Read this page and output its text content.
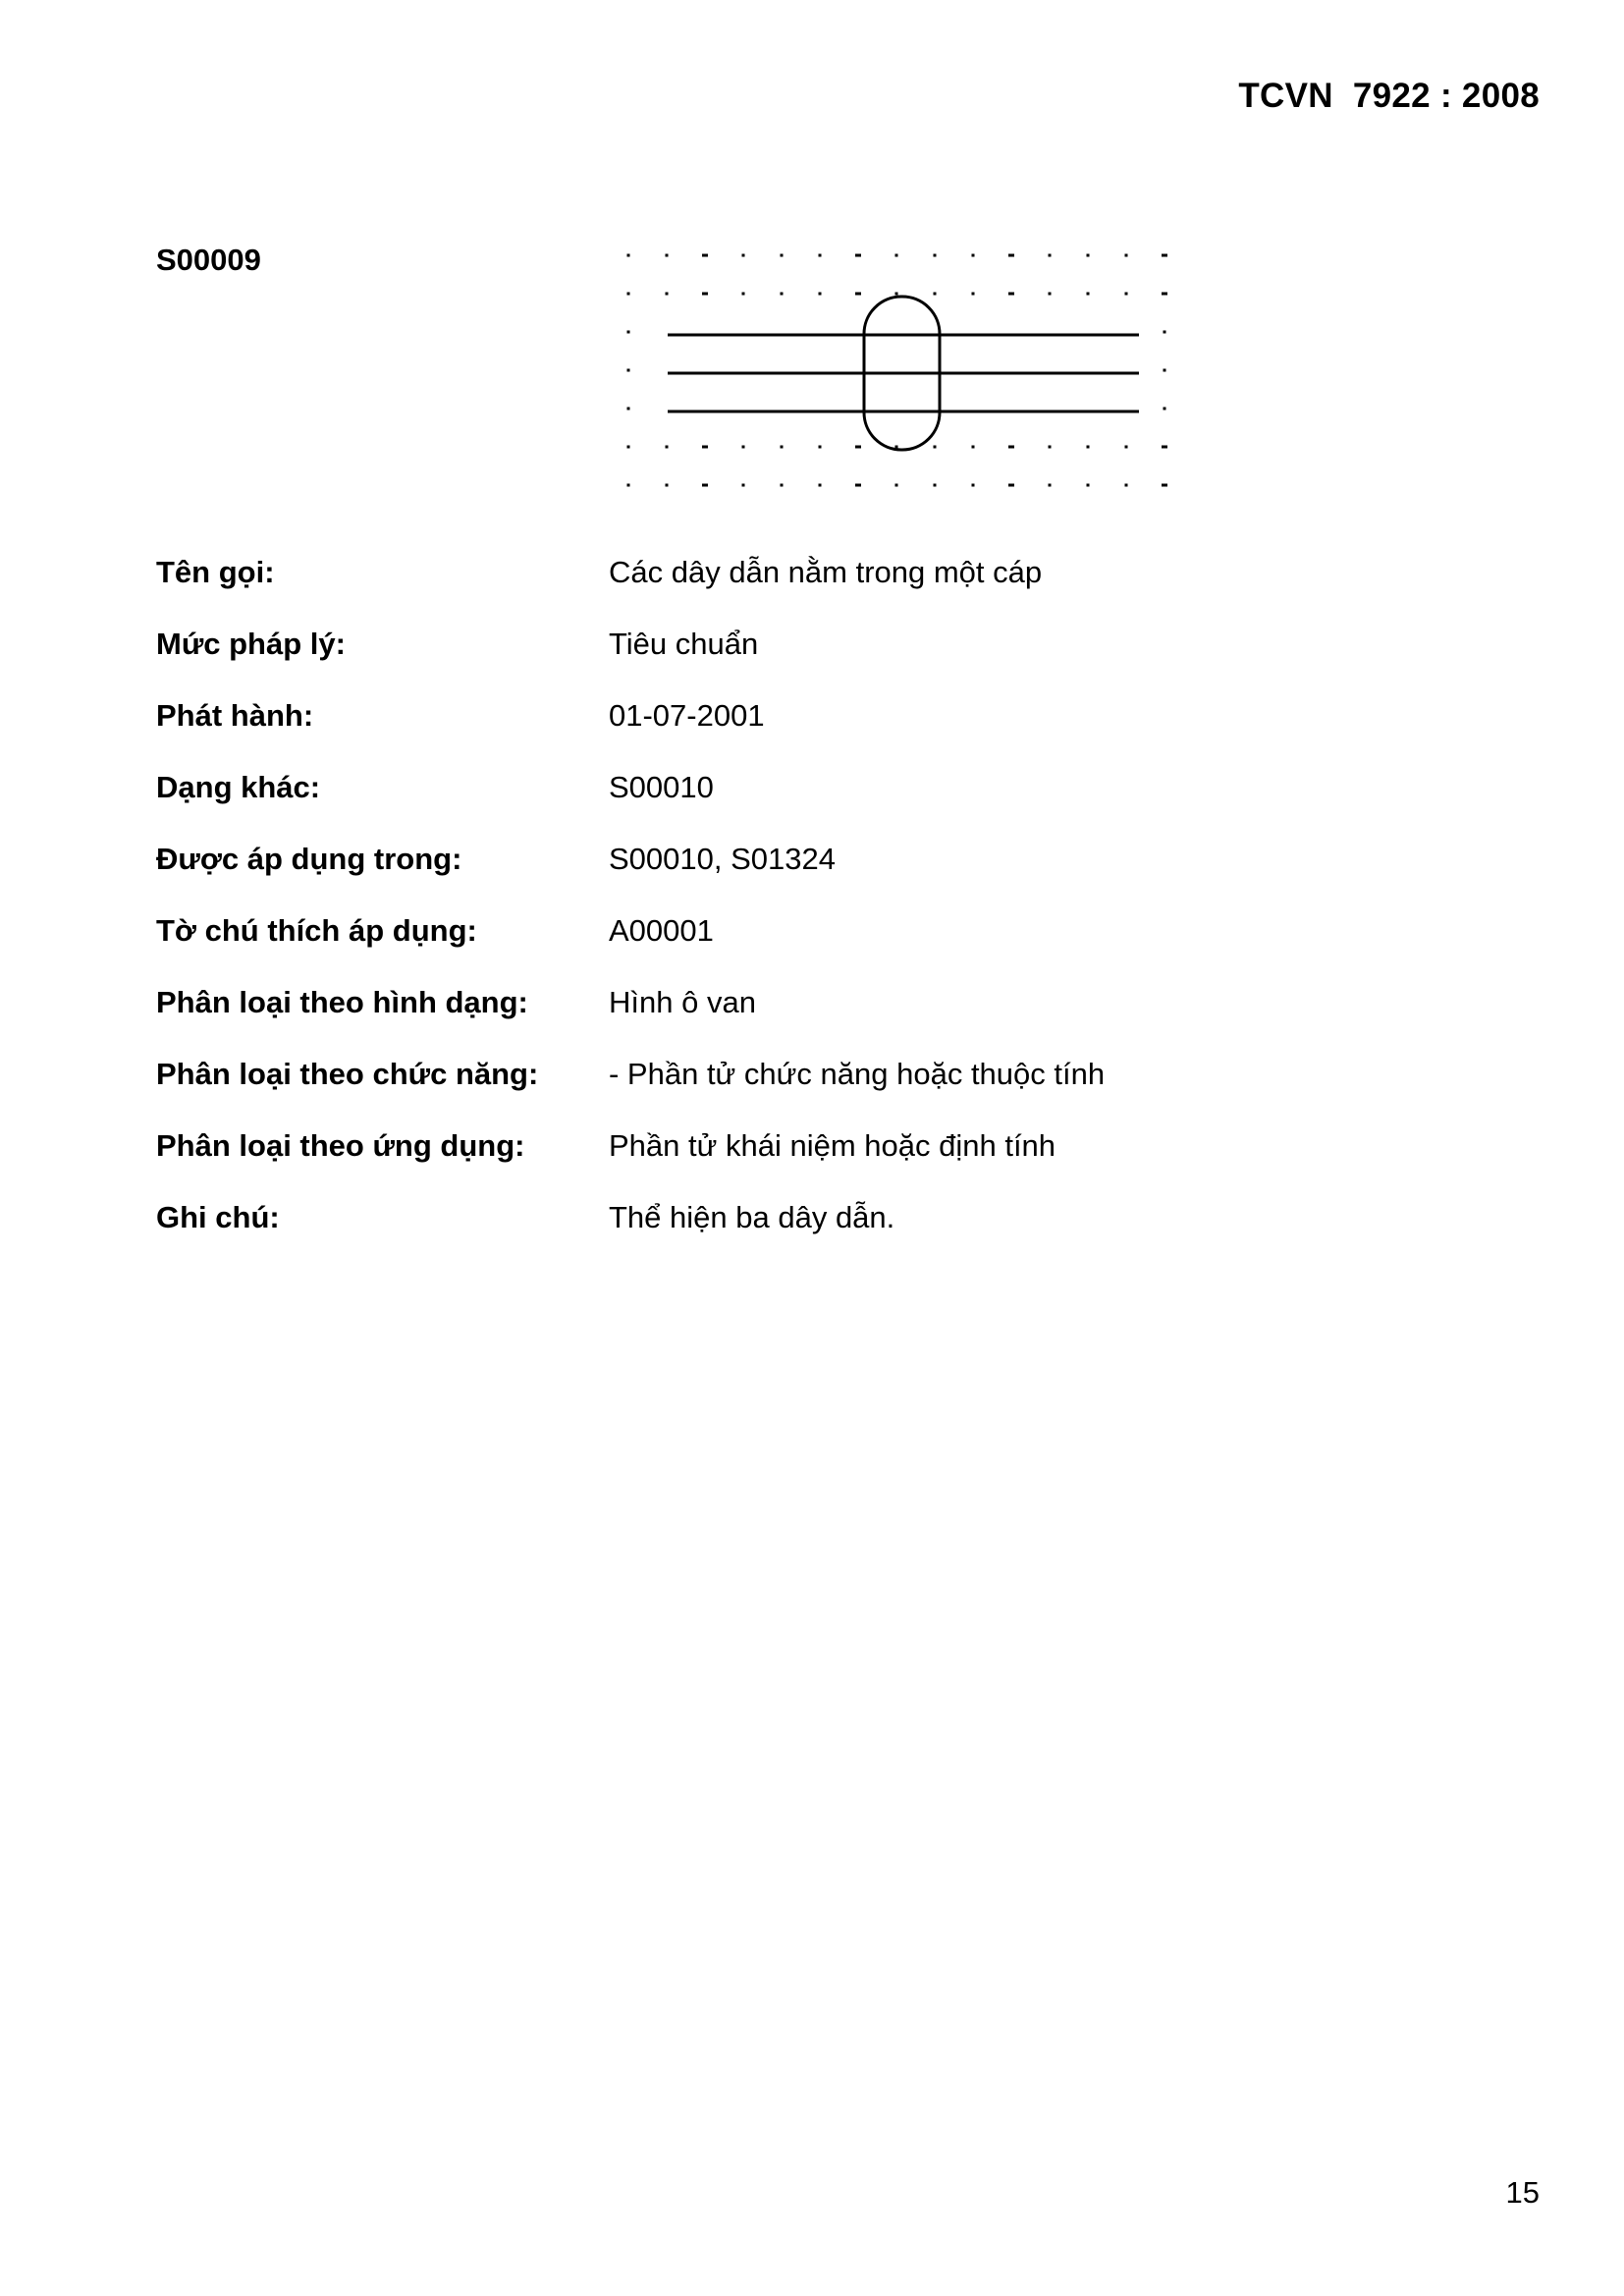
TCVN  7922 : 2008
S00009
Tên gọi:	Các dây dẫn nằm trong một cáp
Mức pháp lý:	Tiêu chuẩn
Phát hành:	01-07-2001
Dạng khác:	S00010
Được áp dụng trong:	S00010, S01324
Tờ chú thích áp dụng:	A00001
Phân loại theo hình dạng:	Hình ô van
Phân loại theo chức năng: - Phần tử chức năng hoặc thuộc tính
Phân loại theo ứng dụng:	Phần tử khái niệm hoặc định tính
Ghi chú:	Thể hiện ba dây dẫn.
15
